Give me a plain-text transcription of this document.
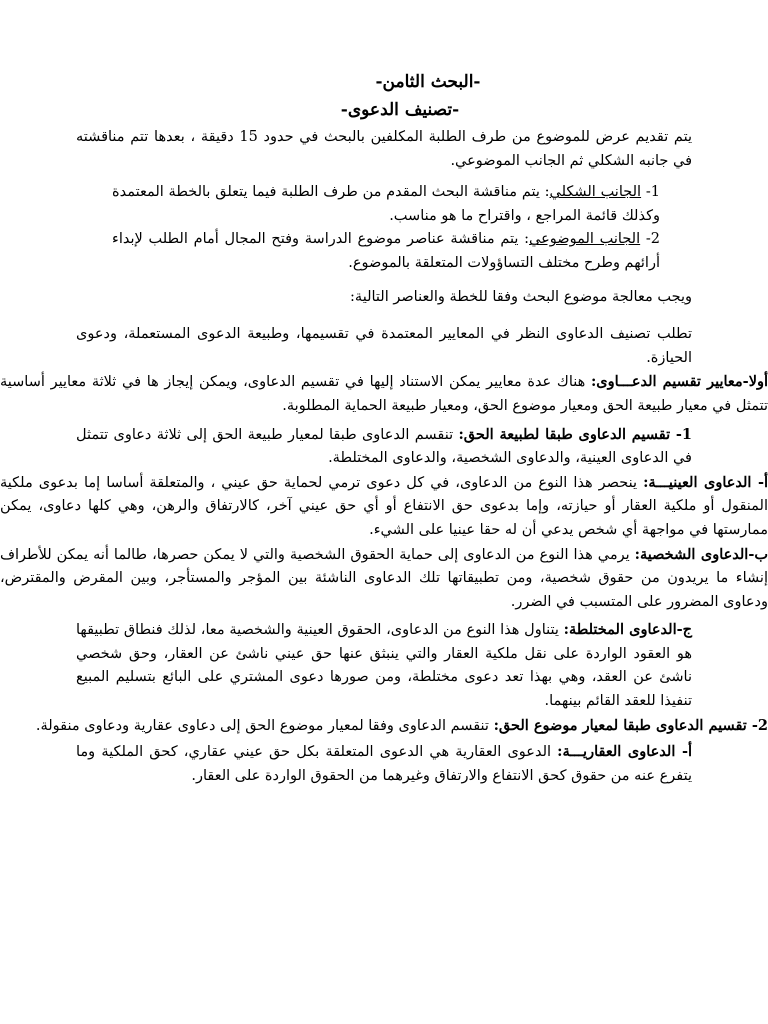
-البحث الثامن-
-تصنيف الدعوى-

يتم تقديم عرض للموضوع من طرف الطلبة المكلفين بالبحث في حدود 15 دقيقة ، بعدها تتم مناقشته في جانبه الشكلي ثم الجانب الموضوعي.

1- الجانب الشكلي: يتم مناقشة البحث المقدم من طرف الطلبة فيما يتعلق بالخطة المعتمدة وكذلك قائمة المراجع ، واقتراح ما هو مناسب.
2- الجانب الموضوعي: يتم مناقشة عناصر موضوع الدراسة وفتح المجال أمام الطلب لإبداء أرائهم وطرح مختلف التساؤولات المتعلقة بالموضوع.

ويجب معالجة موضوع البحث وفقا للخطة والعناصر التالية:

تطلب تصنيف الدعاوى النظر في المعايير المعتمدة في تقسيمها، وطبيعة الدعوى المستعملة، ودعوى الحيازة.

أولا-معايير تقسيم الدعـــاوى: هناك عدة معايير يمكن الاستناد إليها في تقسيم الدعاوى، ويمكن إيجاز ها في ثلاثة معايير أساسية تتمثل في معيار طبيعة الحق ومعيار موضوع الحق، ومعيار طبيعة الحماية المطلوبة.

1- تقسيم الدعاوى طبقا لطبيعة الحق: تنقسم الدعاوى طبقا لمعيار طبيعة الحق إلى ثلاثة دعاوى تتمثل في الدعاوى العينية، والدعاوى الشخصية، والدعاوى المختلطة.

أ- الدعاوى العينيـــة: ينحصر هذا النوع من الدعاوى، في كل دعوى ترمي لحماية حق عيني ، والمتعلقة أساسا إما بدعوى ملكية المنقول أو ملكية العقار أو حيازته، وإما بدعوى حق الانتفاع أو أي حق عيني آخر، كالارتفاق والرهن، وهي كلها دعاوى، يمكن ممارستها في مواجهة أي شخص يدعي أن له حقا عينيا على الشيء.

ب-الدعاوى الشخصية: يرمي هذا النوع من الدعاوى إلى حماية الحقوق الشخصية والتي لا يمكن حصرها، طالما أنه يمكن للأطراف إنشاء ما يريدون من حقوق شخصية، ومن تطبيقاتها تلك الدعاوى الناشئة بين المؤجر والمستأجر، وبين المقرض والمقترض، ودعاوى المضرور على المتسبب في الضرر.

ج-الدعاوى المختلطة: يتناول هذا النوع من الدعاوى، الحقوق العينية والشخصية معا، لذلك فنطاق تطبيقها هو العقود الواردة على نقل ملكية العقار والتي ينبثق عنها حق عيني ناشئ عن العقار، وحق شخصي ناشئ عن العقد، وهي بهذا تعد دعوى مختلطة، ومن صورها دعوى المشتري على البائع بتسليم المبيع تنفيذا للعقد القائم بينهما.

2- تقسيم الدعاوى طبقا لمعيار موضوع الحق: تنقسم الدعاوى وفقا لمعيار موضوع الحق إلى دعاوى عقارية ودعاوى منقولة.

أ- الدعاوى العقاريـــة: الدعوى العقارية هي الدعوى المتعلقة بكل حق عيني عقاري، كحق الملكية وما يتفرع عنه من حقوق كحق الانتفاع والارتفاق وغيرهما من الحقوق الواردة على العقار.
